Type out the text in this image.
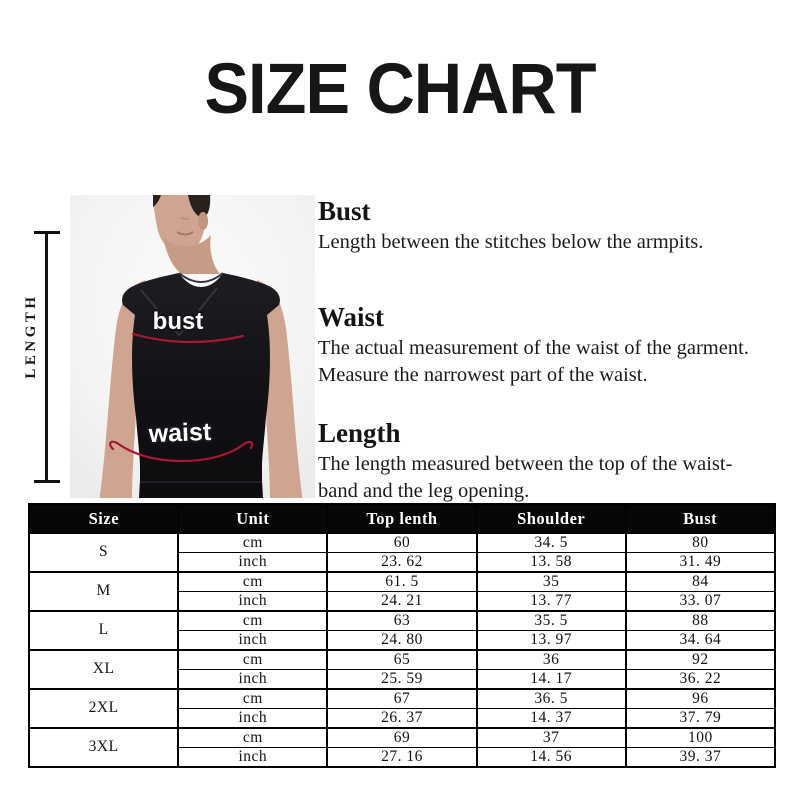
SIZE CHART
LENGTH	bust
waist
Bust
Length between the stitches below the armpits.
Waist
The actual measurement of the waist of the garment.
Measure the narrowest part of the waist.
Length
The length measured between the top of the waist-
band and the leg opening.
Size	Unit	Top lenth	Shoulder	Bust
S	cm	60	34. 5	80
	inch	23. 62	13. 58	31. 49
M	cm	61. 5	35	84
	inch	24. 21	13. 77	33. 07
L	cm	63	35. 5	88
	inch	24. 80	13. 97	34. 64
XL	cm	65	36	92
	inch	25. 59	14. 17	36. 22
2XL	cm	67	36. 5	96
	inch	26. 37	14. 37	37. 79
3XL	cm	69	37	100
	inch	27. 16	14. 56	39. 37
